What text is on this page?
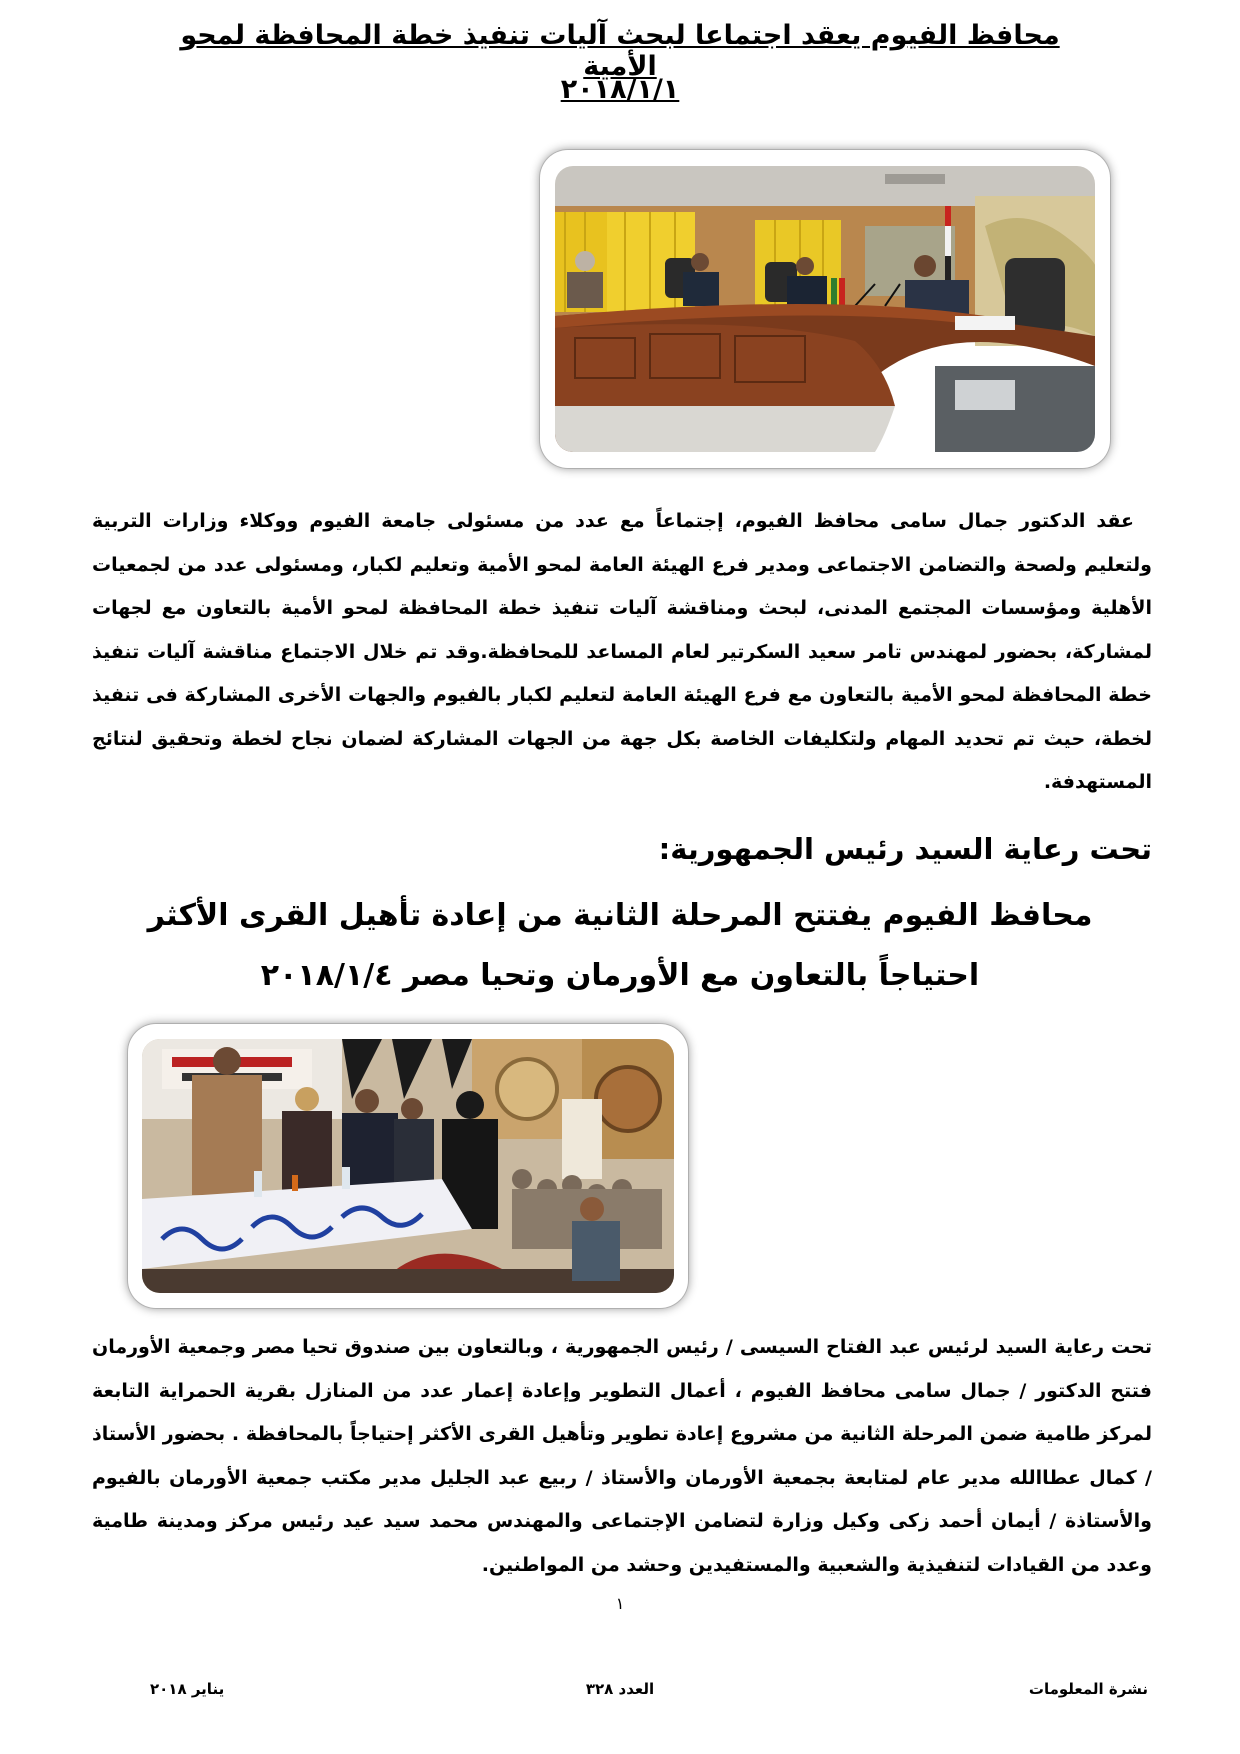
محافظ الفيوم يعقد اجتماعا لبحث آليات تنفيذ خطة المحافظة لمحو الأمية
٢٠١٨/١/١
عقد الدكتور جمال سامى محافظ الفيوم، إجتماعاً مع عدد من مسئولى جامعة الفيوم ووكلاء وزارات التربية ولتعليم ولصحة والتضامن الاجتماعى ومدير فرع الهيئة العامة لمحو الأمية وتعليم لكبار، ومسئولى عدد من لجمعيات الأهلية ومؤسسات المجتمع المدنى، لبحث ومناقشة آليات تنفيذ خطة المحافظة لمحو الأمية بالتعاون مع لجهات لمشاركة، بحضور لمهندس تامر سعيد السكرتير لعام المساعد للمحافظة.وقد تم خلال الاجتماع مناقشة آليات تنفيذ خطة المحافظة لمحو الأمية بالتعاون مع فرع الهيئة العامة لتعليم لكبار بالفيوم والجهات الأخرى المشاركة فى تنفيذ لخطة، حيث تم تحديد المهام ولتكليفات الخاصة بكل جهة من الجهات المشاركة لضمان نجاح لخطة وتحقيق لنتائج المستهدفة.
تحت رعاية السيد رئيس الجمهورية:
محافظ الفيوم يفتتح المرحلة الثانية من إعادة تأهيل القرى الأكثر احتياجاً بالتعاون مع الأورمان وتحيا مصر ٢٠١٨/١/٤
تحت رعاية السيد لرئيس عبد الفتاح السيسى / رئيس الجمهورية ، وبالتعاون بين صندوق تحيا مصر وجمعية الأورمان فتتح الدكتور / جمال سامى محافظ الفيوم ، أعمال التطوير وإعادة إعمار عدد من المنازل بقرية الحمراية التابعة لمركز طامية ضمن المرحلة الثانية من مشروع إعادة تطوير وتأهيل القرى الأكثر إحتياجاً بالمحافظة . بحضور الأستاذ / كمال عطاالله مدير عام لمتابعة بجمعية الأورمان والأستاذ / ربيع عبد الجليل مدير مكتب جمعية الأورمان بالفيوم والأستاذة / أيمان أحمد زكى وكيل وزارة لتضامن الإجتماعى والمهندس محمد سيد عيد رئيس مركز ومدينة طامية وعدد من القيادات لتنفيذية والشعبية والمستفيدين وحشد من المواطنين.
١
نشرة المعلومات
العدد ٣٢٨
يناير ٢٠١٨
